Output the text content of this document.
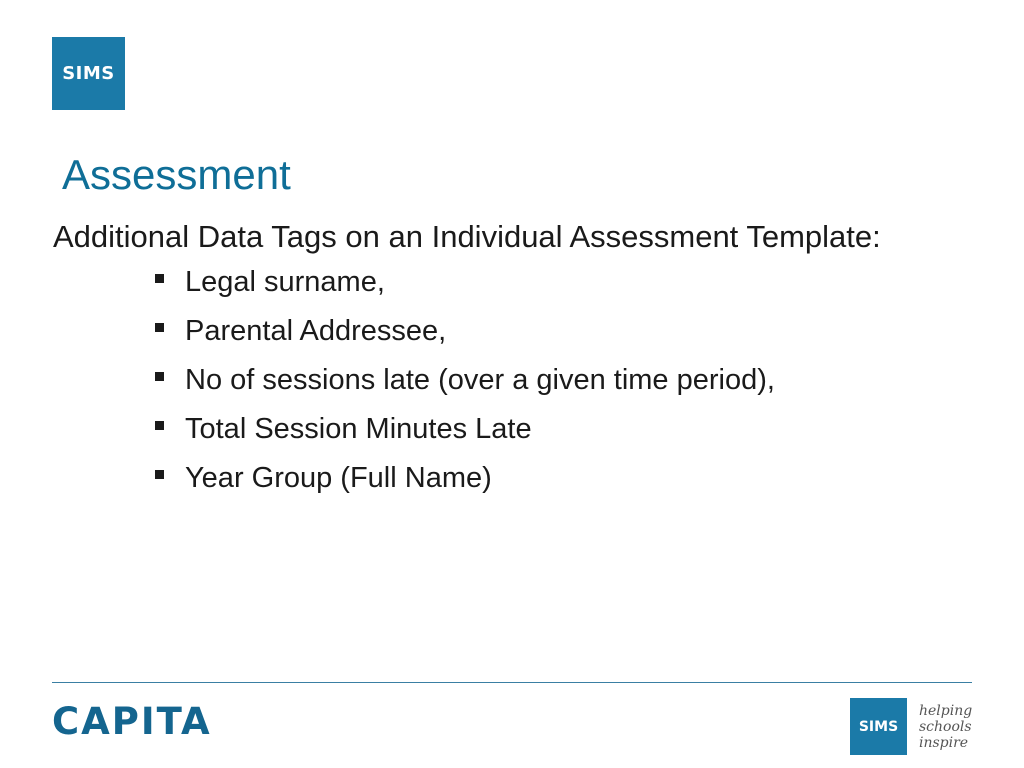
SIMS
Assessment
Additional Data Tags on an Individual Assessment Template:
Legal surname,
Parental Addressee,
No of sessions late (over a given time period),
Total Session Minutes Late
Year Group (Full Name)
CAPITA	SIMS
helping
schools
inspire
